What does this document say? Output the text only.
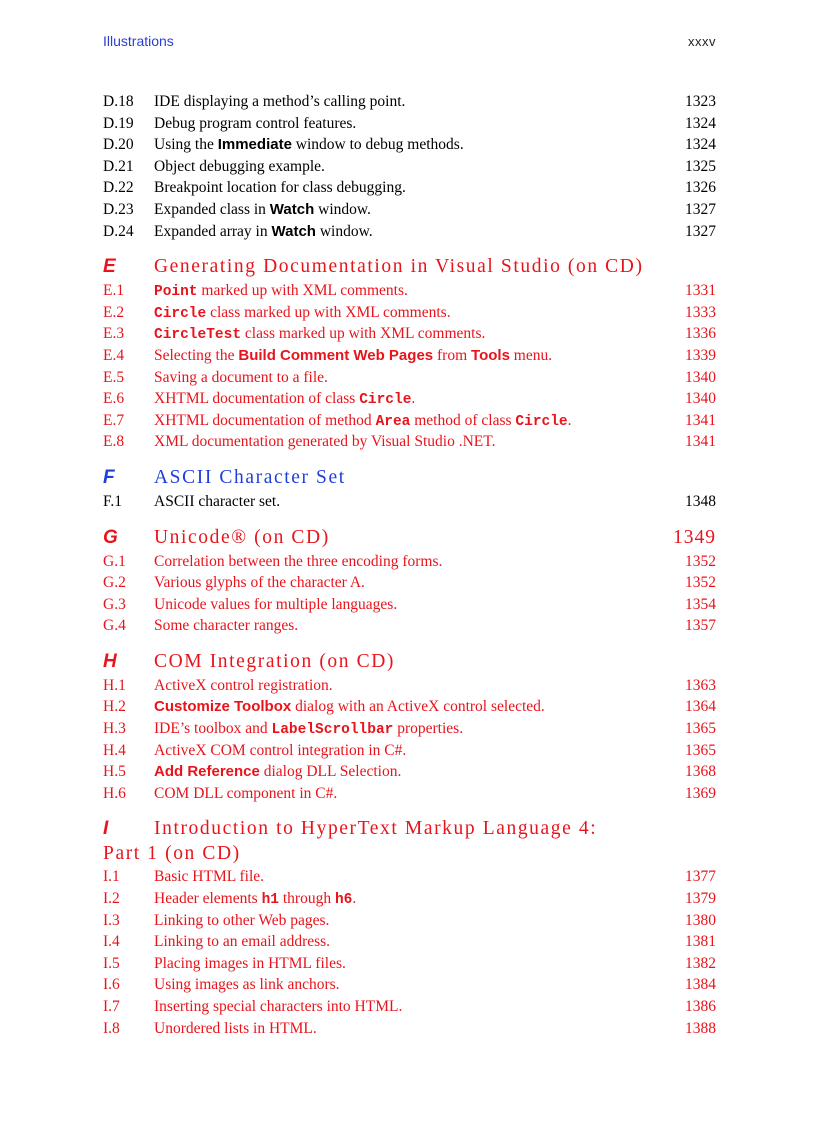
Illustrations	xxxv
D.18 IDE displaying a method’s calling point.	1323
D.19 Debug program control features.	1324
D.20 Using the Immediate window to debug methods.	1324
D.21 Object debugging example.	1325
D.22 Breakpoint location for class debugging.	1326
D.23 Expanded class in Watch window.	1327
D.24 Expanded array in Watch window.	1327
E Generating Documentation in Visual Studio (on CD)
E.1 Point marked up with XML comments.	1331
E.2 Circle class marked up with XML comments.	1333
E.3 CircleTest class marked up with XML comments.	1336
E.4 Selecting the Build Comment Web Pages from Tools menu.	1339
E.5 Saving a document to a file.	1340
E.6 XHTML documentation of class Circle.	1340
E.7 XHTML documentation of method Area method of class Circle.	1341
E.8 XML documentation generated by Visual Studio .NET.	1341
F ASCII Character Set
F.1 ASCII character set.	1348
G Unicode® (on CD)	1349
G.1 Correlation between the three encoding forms.	1352
G.2 Various glyphs of the character A.	1352
G.3 Unicode values for multiple languages.	1354
G.4 Some character ranges.	1357
H COM Integration (on CD)
H.1 ActiveX control registration.	1363
H.2 Customize Toolbox dialog with an ActiveX control selected.	1364
H.3 IDE’s toolbox and LabelScrollbar properties.	1365
H.4 ActiveX COM control integration in C#.	1365
H.5 Add Reference dialog DLL Selection.	1368
H.6 COM DLL component in C#.	1369
I Introduction to HyperText Markup Language 4:
Part 1 (on CD)
I.1 Basic HTML file.	1377
I.2 Header elements h1 through h6.	1379
I.3 Linking to other Web pages.	1380
I.4 Linking to an email address.	1381
I.5 Placing images in HTML files.	1382
I.6 Using images as link anchors.	1384
I.7 Inserting special characters into HTML.	1386
I.8 Unordered lists in HTML.	1388
